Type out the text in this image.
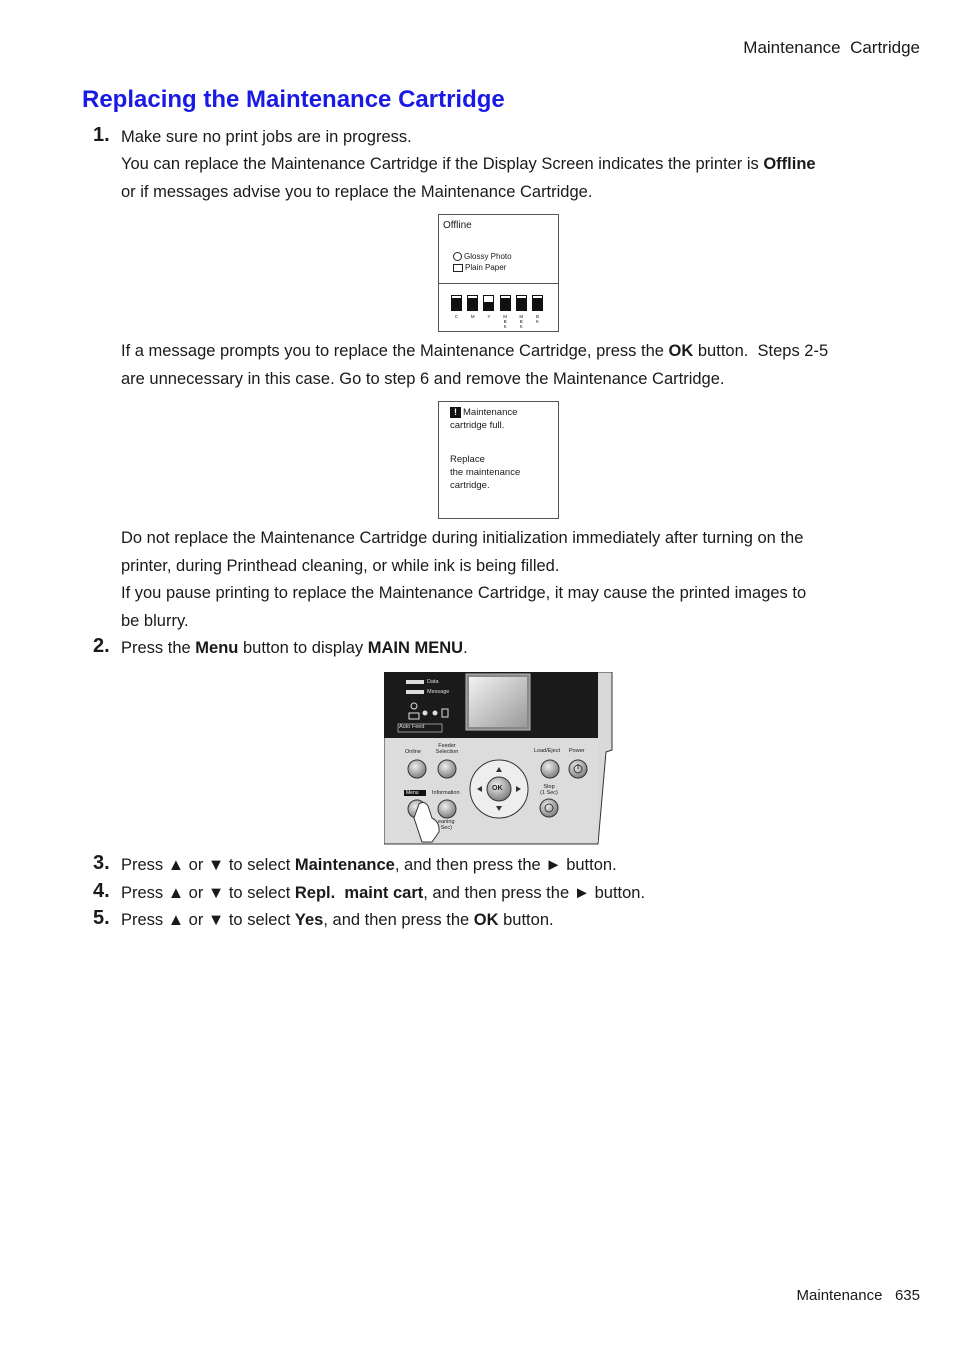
Maintenance  Cartridge
Replacing the Maintenance Cartridge
1. Make sure no print jobs are in progress.
You can replace the Maintenance Cartridge if the Display Screen indicates the printer is Offline
or if messages advise you to replace the Maintenance Cartridge.
Offline
Glossy Photo
Plain Paper
C	M	Y	M
B
K
M
B
K
B
K
If a message prompts you to replace the Maintenance Cartridge, press the OK button.  Steps 2-5
are unnecessary in this case. Go to step 6 and remove the Maintenance Cartridge.
! Maintenance
cartridge full.
Replace
the maintenance
cartridge.
Do not replace the Maintenance Cartridge during initialization immediately after turning on the
printer, during Printhead cleaning, or while ink is being filled.
If you pause printing to replace the Maintenance Cartridge, it may cause the printed images to
be blurry.
2. Press the Menu button to display MAIN MENU.
Data
Message
Auto Feed
Online
Feeder
Selection	Load/Eject Power
Menu Information
OK	Stop
(1 Sec)
eaning
Sec)
3. Press ▲ or ▼ to select Maintenance, and then press the ► button.
4. Press ▲ or ▼ to select Repl.  maint cart, and then press the ► button.
5. Press ▲ or ▼ to select Yes, and then press the OK button.
Maintenance 635
